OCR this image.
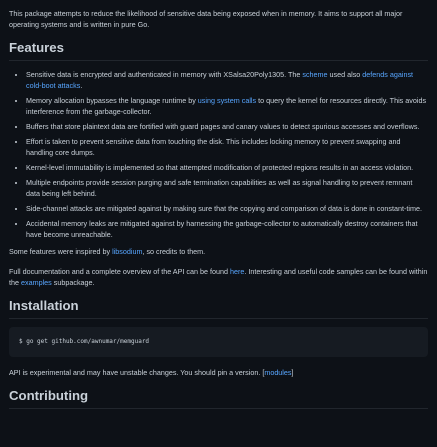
This package attempts to reduce the likelihood of sensitive data being exposed when in memory. It aims to support all major operating systems and is written in pure Go.

Features
• Sensitive data is encrypted and authenticated in memory with XSalsa20Poly1305. The scheme used also defends against cold-boot attacks.
• Memory allocation bypasses the language runtime by using system calls to query the kernel for resources directly. This avoids interference from the garbage-collector.
• Buffers that store plaintext data are fortified with guard pages and canary values to detect spurious accesses and overflows.
• Effort is taken to prevent sensitive data from touching the disk. This includes locking memory to prevent swapping and handling core dumps.
• Kernel-level immutability is implemented so that attempted modification of protected regions results in an access violation.
• Multiple endpoints provide session purging and safe termination capabilities as well as signal handling to prevent remnant data being left behind.
• Side-channel attacks are mitigated against by making sure that the copying and comparison of data is done in constant-time.
• Accidental memory leaks are mitigated against by harnessing the garbage-collector to automatically destroy containers that have become unreachable.

Some features were inspired by libsodium, so credits to them.

Full documentation and a complete overview of the API can be found here. Interesting and useful code samples can be found within the examples subpackage.

Installation
$ go get github.com/awnumar/memguard

API is experimental and may have unstable changes. You should pin a version. [modules]

Contributing
